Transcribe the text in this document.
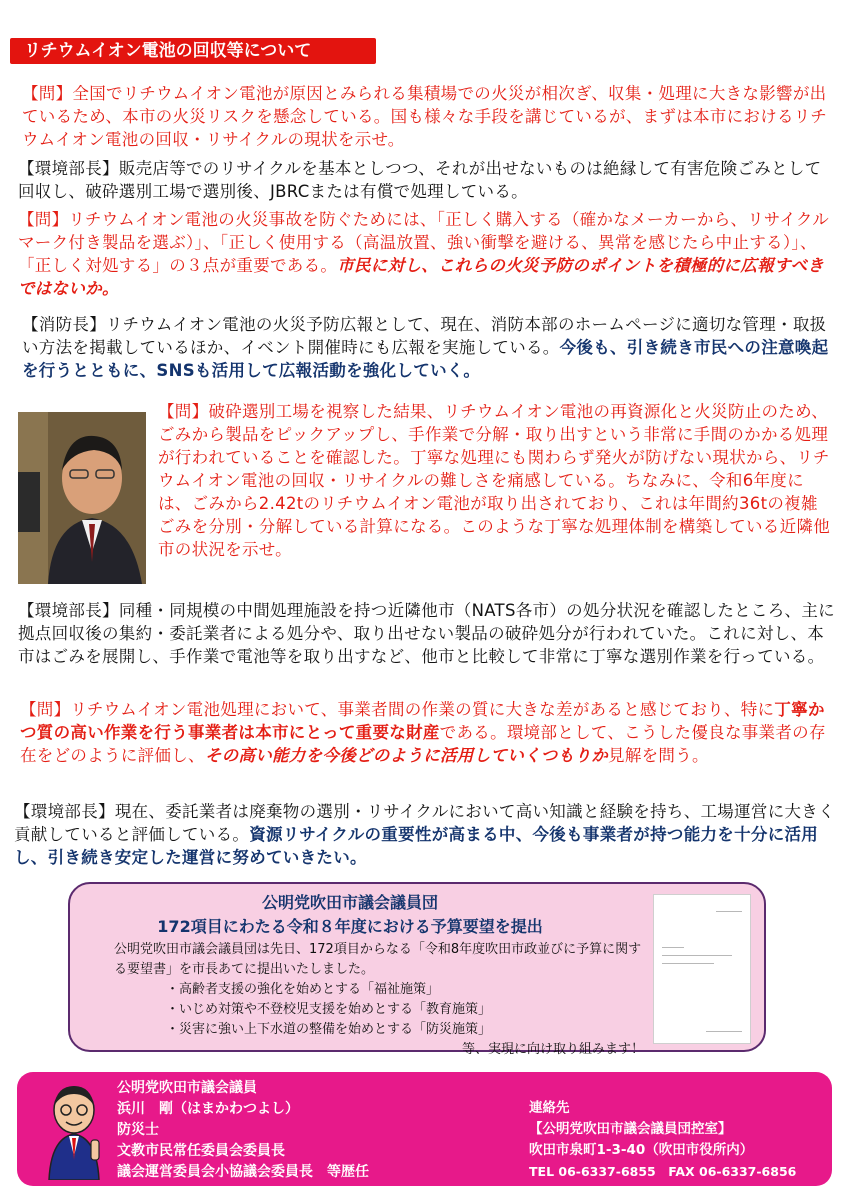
リチウムイオン電池の回収等について

【問】全国でリチウムイオン電池が原因とみられる集積場での火災が相次ぎ、収集・処理に大きな影響が出ているため、本市の火災リスクを懸念している。国も様々な手段を講じているが、まずは本市におけるリチウムイオン電池の回収・リサイクルの現状を示せ。

【環境部長】販売店等でのリサイクルを基本としつつ、それが出せないものは絶縁して有害危険ごみとして回収し、破砕選別工場で選別後、JBRCまたは有償で処理している。

【問】リチウムイオン電池の火災事故を防ぐためには、「正しく購入する（確かなメーカーから、リサイクルマーク付き製品を選ぶ）」、「正しく使用する（高温放置、強い衝撃を避ける、異常を感じたら中止する）」、「正しく対処する」の３点が重要である。市民に対し、これらの火災予防のポイントを積極的に広報すべきではないか。

【消防長】リチウムイオン電池の火災予防広報として、現在、消防本部のホームページに適切な管理・取扱い方法を掲載しているほか、イベント開催時にも広報を実施している。今後も、引き続き市民への注意喚起を行うとともに、SNSも活用して広報活動を強化していく。

【問】破砕選別工場を視察した結果、リチウムイオン電池の再資源化と火災防止のため、ごみから製品をピックアップし、手作業で分解・取り出すという非常に手間のかかる処理が行われていることを確認した。丁寧な処理にも関わらず発火が防げない現状から、リチウムイオン電池の回収・リサイクルの難しさを痛感している。ちなみに、令和6年度には、ごみから2.42tのリチウムイオン電池が取り出されており、これは年間約36tの複雑ごみを分別・分解している計算になる。このような丁寧な処理体制を構築している近隣他市の状況を示せ。

【環境部長】同種・同規模の中間処理施設を持つ近隣他市（NATS各市）の処分状況を確認したところ、主に拠点回収後の集約・委託業者による処分や、取り出せない製品の破砕処分が行われていた。これに対し、本市はごみを展開し、手作業で電池等を取り出すなど、他市と比較して非常に丁寧な選別作業を行っている。

【問】リチウムイオン電池処理において、事業者間の作業の質に大きな差があると感じており、特に丁寧かつ質の高い作業を行う事業者は本市にとって重要な財産である。環境部として、こうした優良な事業者の存在をどのように評価し、その高い能力を今後どのように活用していくつもりか見解を問う。

【環境部長】現在、委託業者は廃棄物の選別・リサイクルにおいて高い知識と経験を持ち、工場運営に大きく貢献していると評価している。資源リサイクルの重要性が高まる中、今後も事業者が持つ能力を十分に活用し、引き続き安定した運営に努めていきたい。

公明党吹田市議会議員団
172項目にわたる令和８年度における予算要望を提出
公明党吹田市議会議員団は先日、172項目からなる「令和8年度吹田市政並びに予算に関する要望書」を市長あてに提出いたしました。
・高齢者支援の強化を始めとする「福祉施策」
・いじめ対策や不登校児支援を始めとする「教育施策」
・災害に強い上下水道の整備を始めとする「防災施策」
等、実現に向け取り組みます！
公明党吹田市議会議員
浜川　剛（はまかわつよし）
防災士
文教市民常任委員会委員長
議会運営委員会小協議会委員長　等歴任
連絡先
【公明党吹田市議会議員団控室】
吹田市泉町1-3-40（吹田市役所内）
TEL 06-6337-6855　FAX 06-6337-6856
